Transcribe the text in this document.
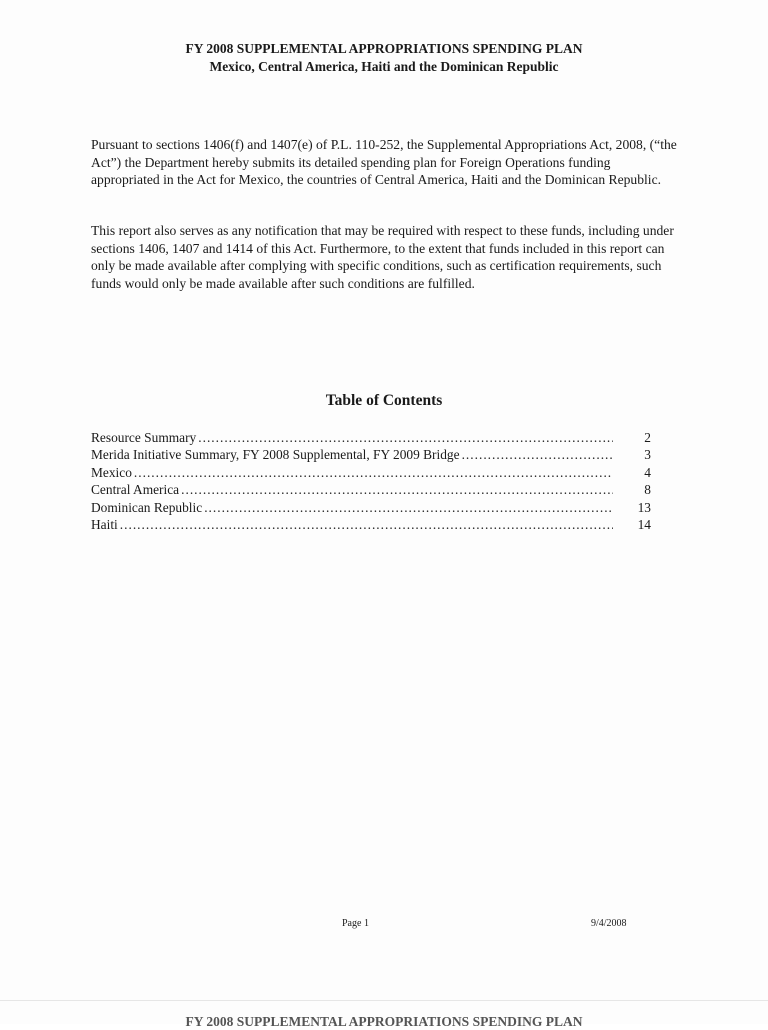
FY 2008 SUPPLEMENTAL APPROPRIATIONS SPENDING PLAN
Mexico, Central America, Haiti and the Dominican Republic
Pursuant to sections 1406(f) and 1407(e) of P.L. 110-252, the Supplemental Appropriations Act, 2008, (“the Act”) the Department hereby submits its detailed spending plan for Foreign Operations funding appropriated in the Act for Mexico, the countries of Central America, Haiti and the Dominican Republic.
This report also serves as any notification that may be required with respect to these funds, including under sections 1406, 1407 and 1414 of this Act. Furthermore, to the extent that funds included in this report can only be made available after complying with specific conditions, such as certification requirements, such funds would only be made available after such conditions are fulfilled.
Table of Contents
Resource Summary .....	2
Merida Initiative Summary, FY 2008 Supplemental, FY 2009 Bridge .....	3
Mexico .....	4
Central America .....	8
Dominican Republic .....	13
Haiti .....	14
Page 1	9/4/2008
FY 2008 SUPPLEMENTAL APPROPRIATIONS SPENDING PLAN
